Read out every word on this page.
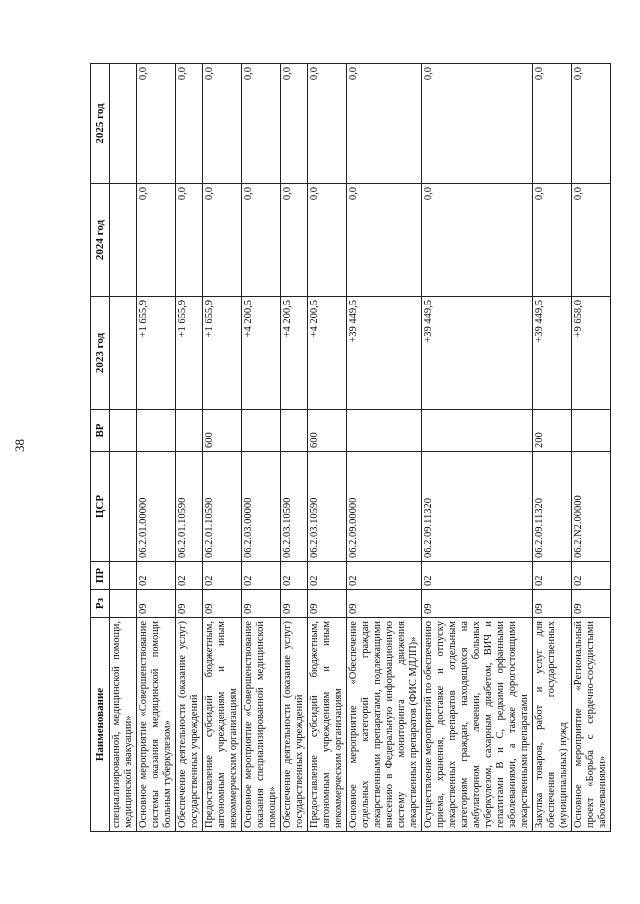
38
Наименование	Рз	ПР	ЦСР	ВР	2023 год	2024 год	2025 год
специализированной, медицинской помощи, медицинской эвакуации»							
Основное мероприятие «Совершенствование системы оказания медицинской помощи больным туберкулезом»	09	02	06.2.01.00000		+1 655,9	0,0	0,0
Обеспечение деятельности (оказание услуг) государственных учреждений	09	02	06.2.01.10590		+1 655,9	0,0	0,0
Предоставление субсидий бюджетным, автономным учреждениям и иным некоммерческим организациям	09	02	06.2.01.10590	600	+1 655,9	0,0	0,0
Основное мероприятие «Совершенствование оказания специализированной медицинской помощи»	09	02	06.2.03.00000		+4 200,5	0,0	0,0
Обеспечение деятельности (оказание услуг) государственных учреждений	09	02	06.2.03.10590		+4 200,5	0,0	0,0
Предоставление субсидий бюджетным, автономным учреждениям и иным некоммерческим организациям	09	02	06.2.03.10590	600	+4 200,5	0,0	0,0
Основное мероприятие «Обеспечение отдельных категорий граждан лекарственными препаратами, подлежащими внесению в Федеральную информационную систему мониторинга движения лекарственных препаратов (ФИС МДЛП)»	09	02	06.2.09.00000		+39 449,5	0,0	0,0
Осуществление мероприятий по обеспечению приема, хранения, доставке и отпуску лекарственных препаратов отдельным категориям граждан, находящихся на амбулаторном лечении, больных туберкулезом, сахарным диабетом, ВИЧ и гепатитами В и С, редкими орфанными заболеваниями, а также дорогостоящими лекарственными препаратами	09	02	06.2.09.11320		+39 449,5	0,0	0,0
Закупка товаров, работ и услуг для обеспечения государственных (муниципальных) нужд	09	02	06.2.09.11320	200	+39 449,5	0,0	0,0
Основное мероприятие «Региональный проект «Борьба с сердечно-сосудистыми заболеваниями»	09	02	06.2.N2.00000		+9 658,0	0,0	0,0
